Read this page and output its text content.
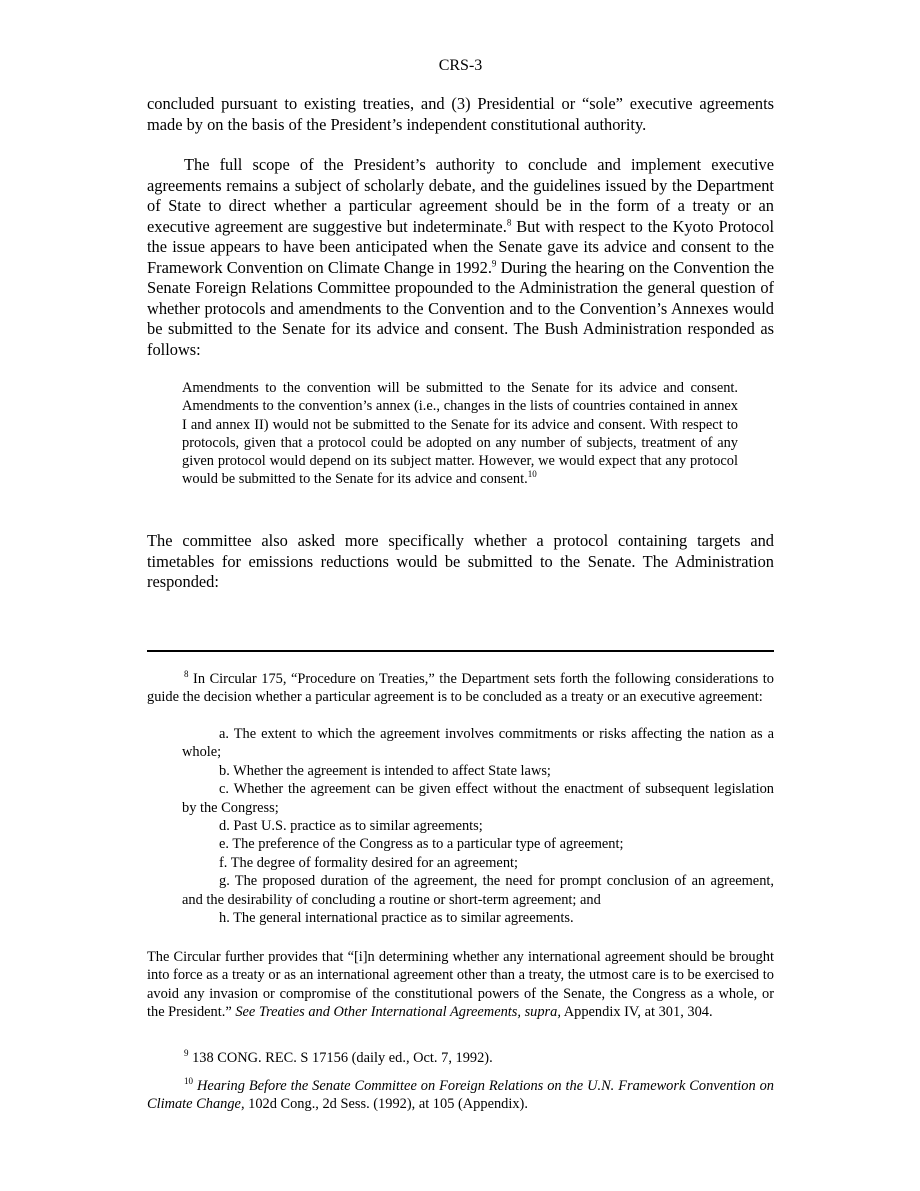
CRS-3

concluded pursuant to existing treaties, and (3) Presidential or “sole” executive agreements made by on the basis of the President’s independent constitutional authority.

The full scope of the President’s authority to conclude and implement executive agreements remains a subject of scholarly debate, and the guidelines issued by the Department of State to direct whether a particular agreement should be in the form of a treaty or an executive agreement are suggestive but indeterminate.$^8$ But with respect to the Kyoto Protocol the issue appears to have been anticipated when the Senate gave its advice and consent to the Framework Convention on Climate Change in 1992.$^9$ During the hearing on the Convention the Senate Foreign Relations Committee propounded to the Administration the general question of whether protocols and amendments to the Convention and to the Convention’s Annexes would be submitted to the Senate for its advice and consent. The Bush Administration responded as follows:

Amendments to the convention will be submitted to the Senate for its advice and consent. Amendments to the convention’s annex (i.e., changes in the lists of countries contained in annex I and annex II) would not be submitted to the Senate for its advice and consent. With respect to protocols, given that a protocol could be adopted on any number of subjects, treatment of any given protocol would depend on its subject matter. However, we would expect that any protocol would be submitted to the Senate for its advice and consent.$^{10}$

The committee also asked more specifically whether a protocol containing targets and timetables for emissions reductions would be submitted to the Senate. The Administration responded:

$^8$ In Circular 175, “Procedure on Treaties,” the Department sets forth the following considerations to guide the decision whether a particular agreement is to be concluded as a treaty or an executive agreement:

a. The extent to which the agreement involves commitments or risks affecting the nation as a whole;
b. Whether the agreement is intended to affect State laws;
c. Whether the agreement can be given effect without the enactment of subsequent legislation by the Congress;
d. Past U.S. practice as to similar agreements;
e. The preference of the Congress as to a particular type of agreement;
f. The degree of formality desired for an agreement;
g. The proposed duration of the agreement, the need for prompt conclusion of an agreement, and the desirability of concluding a routine or short-term agreement; and
h. The general international practice as to similar agreements.

The Circular further provides that “[i]n determining whether any international agreement should be brought into force as a treaty or as an international agreement other than a treaty, the utmost care is to be exercised to avoid any invasion or compromise of the constitutional powers of the Senate, the Congress as a whole, or the President.” See Treaties and Other International Agreements, supra, Appendix IV, at 301, 304.

$^9$ 138 CONG. REC. S 17156 (daily ed., Oct. 7, 1992).

$^{10}$ Hearing Before the Senate Committee on Foreign Relations on the U.N. Framework Convention on Climate Change, 102d Cong., 2d Sess. (1992), at 105 (Appendix).
